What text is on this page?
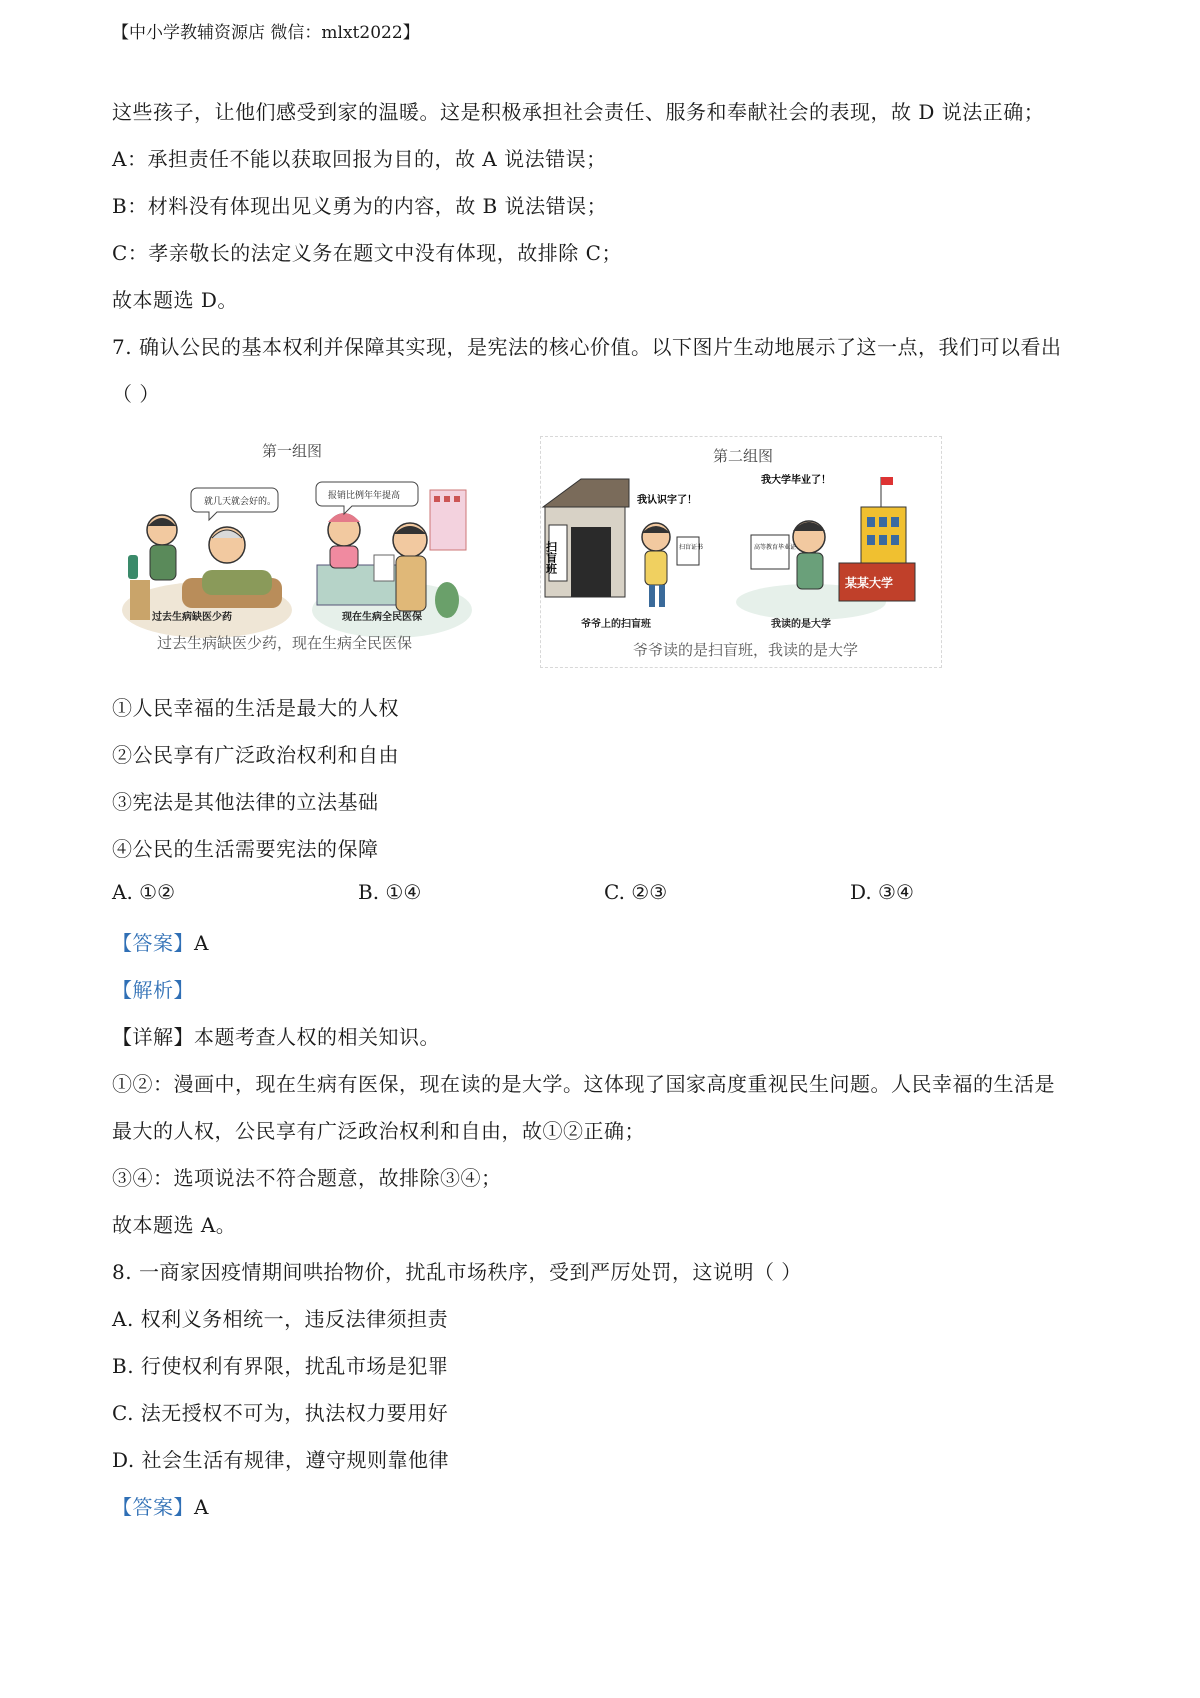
【中小学教辅资源店 微信：mlxt2022】
这些孩子，让他们感受到家的温暖。这是积极承担社会责任、服务和奉献社会的表现，故 D 说法正确；
A：承担责任不能以获取回报为目的，故 A 说法错误；
B：材料没有体现出见义勇为的内容，故 B 说法错误；
C：孝亲敬长的法定义务在题文中没有体现，故排除 C；
故本题选 D。
7. 确认公民的基本权利并保障其实现，是宪法的核心价值。以下图片生动地展示了这一点，我们可以看出
（ ）
第一组图
就几天就会好的。
报销比例年年提高
过去生病缺医少药	现在生病全民医保
过去生病缺医少药，现在生病全民医保
第二组图
扫盲班	扫盲证书
我认识字了！
高等教育毕业证
我大学毕业了！
某某大学
爷爷上的扫盲班	我读的是大学
爷爷读的是扫盲班，我读的是大学
①人民幸福的生活是最大的人权
②公民享有广泛政治权利和自由
③宪法是其他法律的立法基础
④公民的生活需要宪法的保障
A. ①②	B. ①④	C. ②③	D. ③④
【答案】A
【解析】
【详解】本题考查人权的相关知识。
①②：漫画中，现在生病有医保，现在读的是大学。这体现了国家高度重视民生问题。人民幸福的生活是
最大的人权，公民享有广泛政治权利和自由，故①②正确；
③④：选项说法不符合题意，故排除③④；
故本题选 A。
8. 一商家因疫情期间哄抬物价，扰乱市场秩序，受到严厉处罚，这说明（ ）
A. 权利义务相统一，违反法律须担责
B. 行使权利有界限，扰乱市场是犯罪
C. 法无授权不可为，执法权力要用好
D. 社会生活有规律，遵守规则靠他律
【答案】A
